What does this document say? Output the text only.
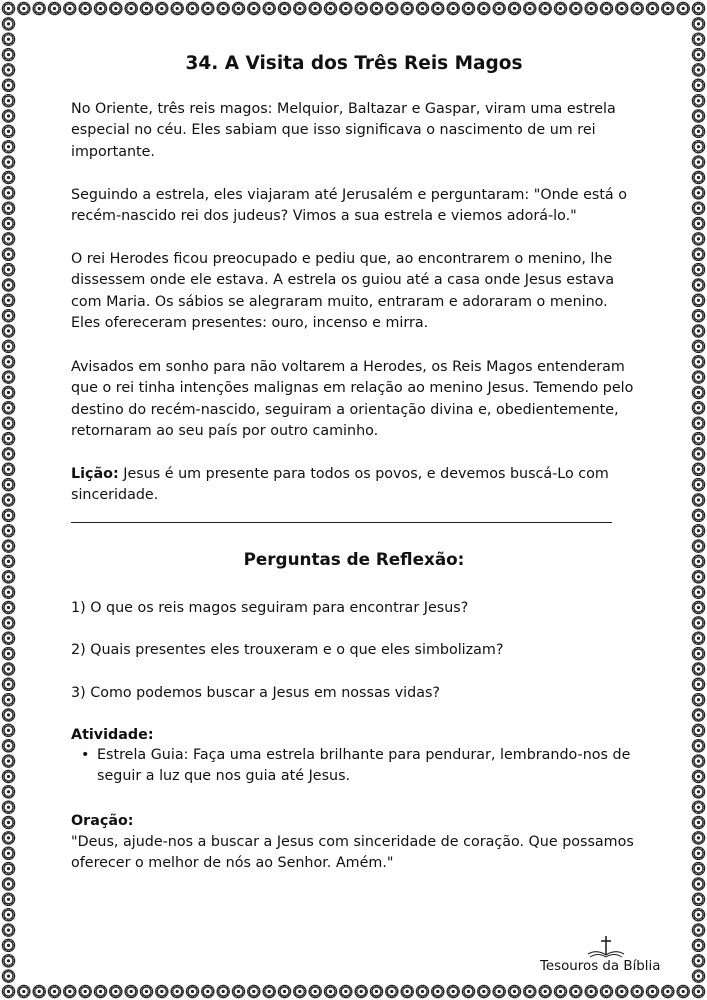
34. A Visita dos Três Reis Magos

No Oriente, três reis magos: Melquior, Baltazar e Gaspar, viram uma estrela especial no céu. Eles sabiam que isso significava o nascimento de um rei importante.

Seguindo a estrela, eles viajaram até Jerusalém e perguntaram: "Onde está o recém-nascido rei dos judeus? Vimos a sua estrela e viemos adorá-lo."

O rei Herodes ficou preocupado e pediu que, ao encontrarem o menino, lhe dissessem onde ele estava. A estrela os guiou até a casa onde Jesus estava com Maria. Os sábios se alegraram muito, entraram e adoraram o menino. Eles ofereceram presentes: ouro, incenso e mirra.

Avisados em sonho para não voltarem a Herodes, os Reis Magos entenderam que o rei tinha intenções malignas em relação ao menino Jesus. Temendo pelo destino do recém-nascido, seguiram a orientação divina e, obedientemente, retornaram ao seu país por outro caminho.

Lição: Jesus é um presente para todos os povos, e devemos buscá-Lo com sinceridade.

Perguntas de Reflexão:

1) O que os reis magos seguiram para encontrar Jesus?

2) Quais presentes eles trouxeram e o que eles simbolizam?

3) Como podemos buscar a Jesus em nossas vidas?

Atividade:

• Estrela Guia: Faça uma estrela brilhante para pendurar, lembrando-nos de seguir a luz que nos guia até Jesus.

Oração:

"Deus, ajude-nos a buscar a Jesus com sinceridade de coração. Que possamos oferecer o melhor de nós ao Senhor. Amém."

Tesouros da Bíblia
